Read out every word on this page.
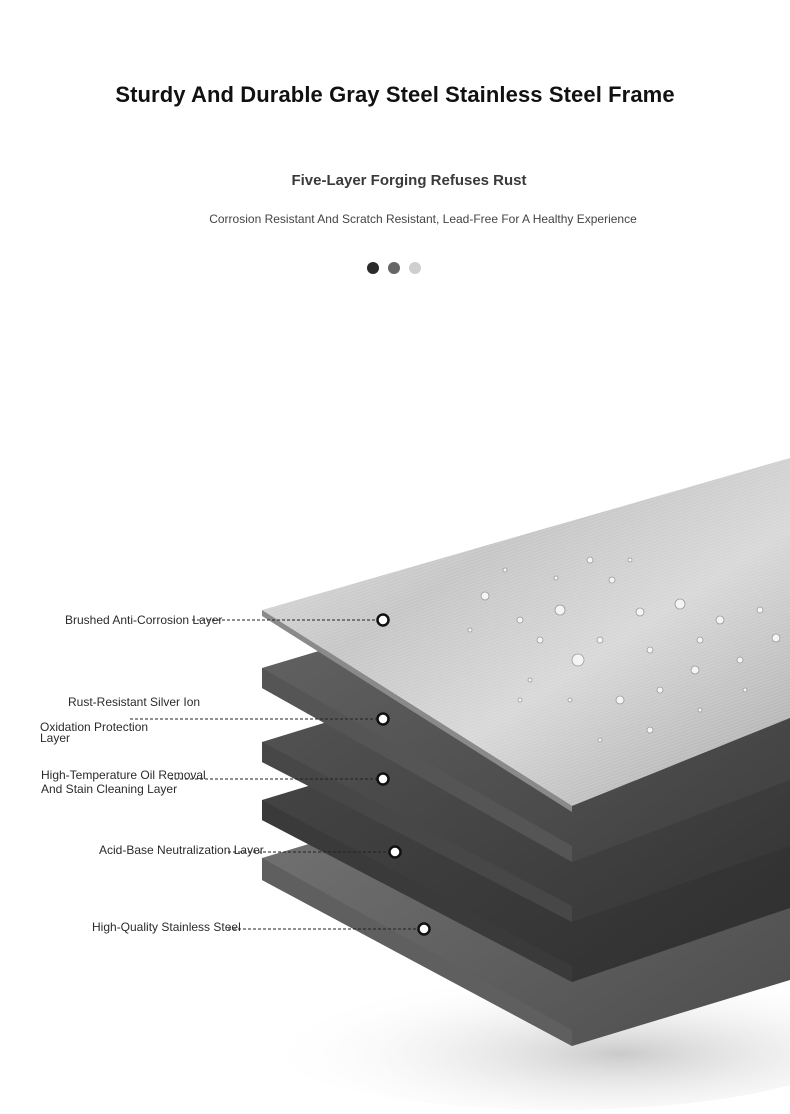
Sturdy And Durable Gray Steel Stainless Steel Frame
Five-Layer Forging Refuses Rust
Corrosion Resistant And Scratch Resistant, Lead-Free For A Healthy Experience
Brushed Anti-Corrosion Layer
Rust-Resistant Silver Ion
Oxidation Protection
Layer
High-Temperature Oil Removal
And Stain Cleaning Layer
Acid-Base Neutralization Layer
High-Quality Stainless Steel
